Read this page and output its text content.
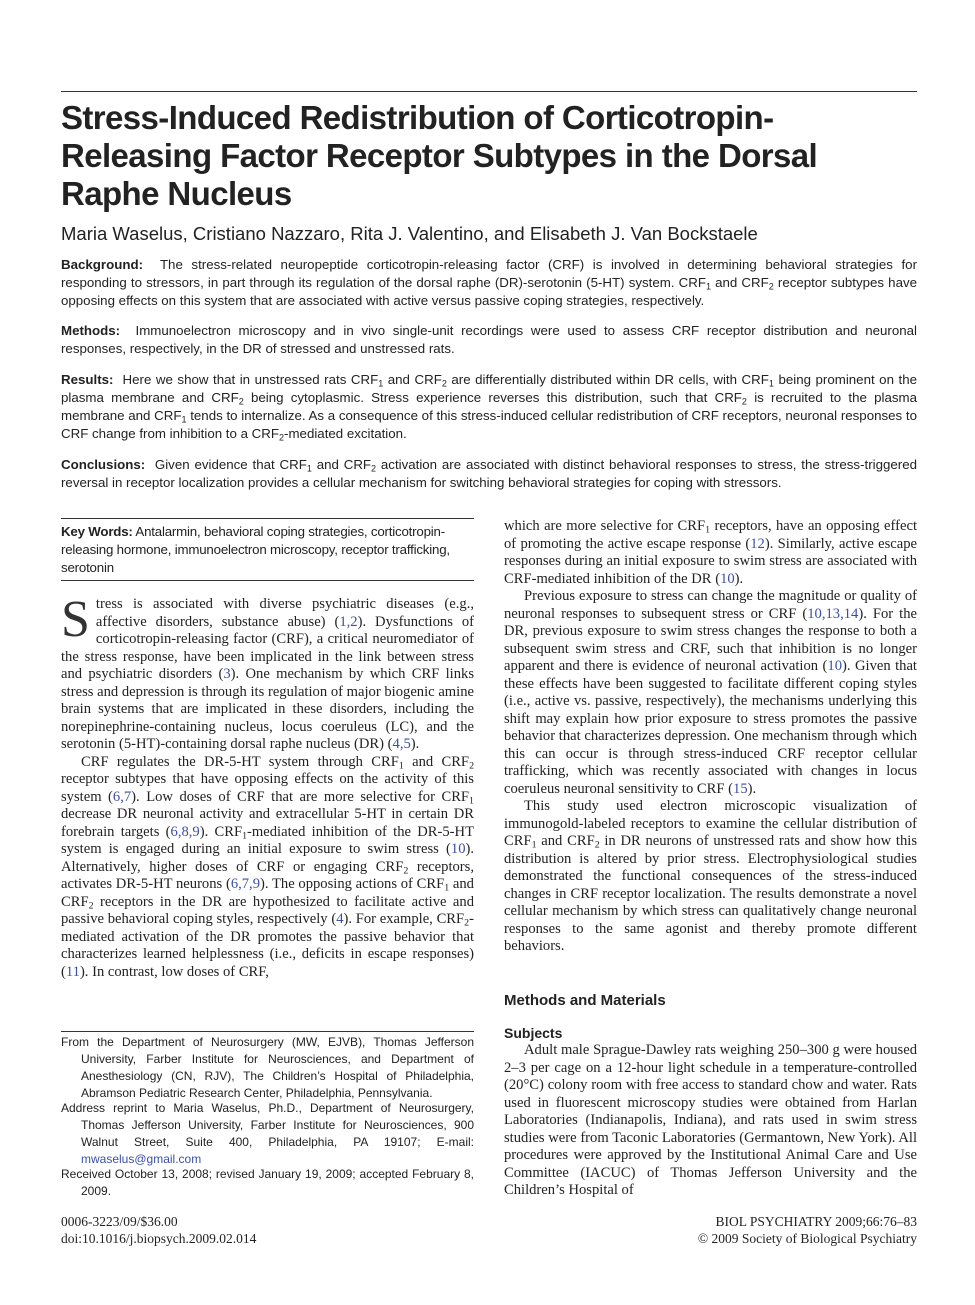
Stress-Induced Redistribution of Corticotropin-Releasing Factor Receptor Subtypes in the Dorsal Raphe Nucleus
Maria Waselus, Cristiano Nazzaro, Rita J. Valentino, and Elisabeth J. Van Bockstaele
Background:  The stress-related neuropeptide corticotropin-releasing factor (CRF) is involved in determining behavioral strategies for responding to stressors, in part through its regulation of the dorsal raphe (DR)-serotonin (5-HT) system. $CRF_1$ and $CRF_2$ receptor subtypes have opposing effects on this system that are associated with active versus passive coping strategies, respectively.
Methods: Immunoelectron microscopy and in vivo single-unit recordings were used to assess CRF receptor distribution and neuronal responses, respectively, in the DR of stressed and unstressed rats.
Results:  Here we show that in unstressed rats $CRF_1$ and $CRF_2$ are differentially distributed within DR cells, with $CRF_1$ being prominent on the plasma membrane and $CRF_2$ being cytoplasmic. Stress experience reverses this distribution, such that $CRF_2$ is recruited to the plasma membrane and $CRF_1$ tends to internalize. As a consequence of this stress-induced cellular redistribution of CRF receptors, neuronal responses to CRF change from inhibition to a $CRF_2$-mediated excitation.
Conclusions:  Given evidence that $CRF_1$ and $CRF_2$ activation are associated with distinct behavioral responses to stress, the stress-triggered reversal in receptor localization provides a cellular mechanism for switching behavioral strategies for coping with stressors.
Key Words: Antalarmin, behavioral coping strategies, corticotropin-releasing hormone, immunoelectron microscopy, receptor trafficking, serotonin

Stress is associated with diverse psychiatric diseases (e.g., affective disorders, substance abuse) (1,2). Dysfunctions of corticotropin-releasing factor (CRF), a critical neuromediator of the stress response, have been implicated in the link between stress and psychiatric disorders (3). One mechanism by which CRF links stress and depression is through its regulation of major biogenic amine brain systems that are implicated in these disorders, including the norepinephrine-containing nucleus, locus coeruleus (LC), and the serotonin (5-HT)-containing dorsal raphe nucleus (DR) (4,5).

CRF regulates the DR-5-HT system through $CRF_1$ and $CRF_2$ receptor subtypes that have opposing effects on the activity of this system (6,7). Low doses of CRF that are more selective for $CRF_1$ decrease DR neuronal activity and extracellular 5-HT in certain DR forebrain targets (6,8,9). $CRF_1$-mediated inhibition of the DR-5-HT system is engaged during an initial exposure to swim stress (10). Alternatively, higher doses of CRF or engaging $CRF_2$ receptors, activates DR-5-HT neurons (6,7,9). The opposing actions of $CRF_1$ and $CRF_2$ receptors in the DR are hypothesized to facilitate active and passive behavioral coping styles, respectively (4). For example, $CRF_2$-mediated activation of the DR promotes the passive behavior that characterizes learned helplessness (i.e., deficits in escape responses) (11). In contrast, low doses of CRF,

which are more selective for $CRF_1$ receptors, have an opposing effect of promoting the active escape response (12). Similarly, active escape responses during an initial exposure to swim stress are associated with CRF-mediated inhibition of the DR (10).

Previous exposure to stress can change the magnitude or quality of neuronal responses to subsequent stress or CRF (10,13,14). For the DR, previous exposure to swim stress changes the response to both a subsequent swim stress and CRF, such that inhibition is no longer apparent and there is evidence of neuronal activation (10). Given that these effects have been suggested to facilitate different coping styles (i.e., active vs. passive, respectively), the mechanisms underlying this shift may explain how prior exposure to stress promotes the passive behavior that characterizes depression. One mechanism through which this can occur is through stress-induced CRF receptor cellular trafficking, which was recently associated with changes in locus coeruleus neuronal sensitivity to CRF (15).

This study used electron microscopic visualization of immunogold-labeled receptors to examine the cellular distribution of $CRF_1$ and $CRF_2$ in DR neurons of unstressed rats and show how this distribution is altered by prior stress. Electrophysiological studies demonstrated the functional consequences of the stress-induced changes in CRF receptor localization. The results demonstrate a novel cellular mechanism by which stress can qualitatively change neuronal responses to the same agonist and thereby promote different behaviors.

Methods and Materials
Subjects

Adult male Sprague-Dawley rats weighing 250–300 g were housed 2–3 per cage on a 12-hour light schedule in a temperature-controlled (20°C) colony room with free access to standard chow and water. Rats used in fluorescent microscopy studies were obtained from Harlan Laboratories (Indianapolis, Indiana), and rats used in swim stress studies were from Taconic Laboratories (Germantown, New York). All procedures were approved by the Institutional Animal Care and Use Committee (IACUC) of Thomas Jefferson University and the Children’s Hospital of

From the Department of Neurosurgery (MW, EJVB), Thomas Jefferson University, Farber Institute for Neurosciences, and Department of Anesthesiology (CN, RJV), The Children’s Hospital of Philadelphia, Abramson Pediatric Research Center, Philadelphia, Pennsylvania.
Address reprint to Maria Waselus, Ph.D., Department of Neurosurgery, Thomas Jefferson University, Farber Institute for Neurosciences, 900 Walnut Street, Suite 400, Philadelphia, PA 19107; E-mail: mwaselus@gmail.com
Received October 13, 2008; revised January 19, 2009; accepted February 8, 2009.
0006-3223/09/$36.00
doi:10.1016/j.biopsych.2009.02.014
BIOL PSYCHIATRY 2009;66:76–83
© 2009 Society of Biological Psychiatry
